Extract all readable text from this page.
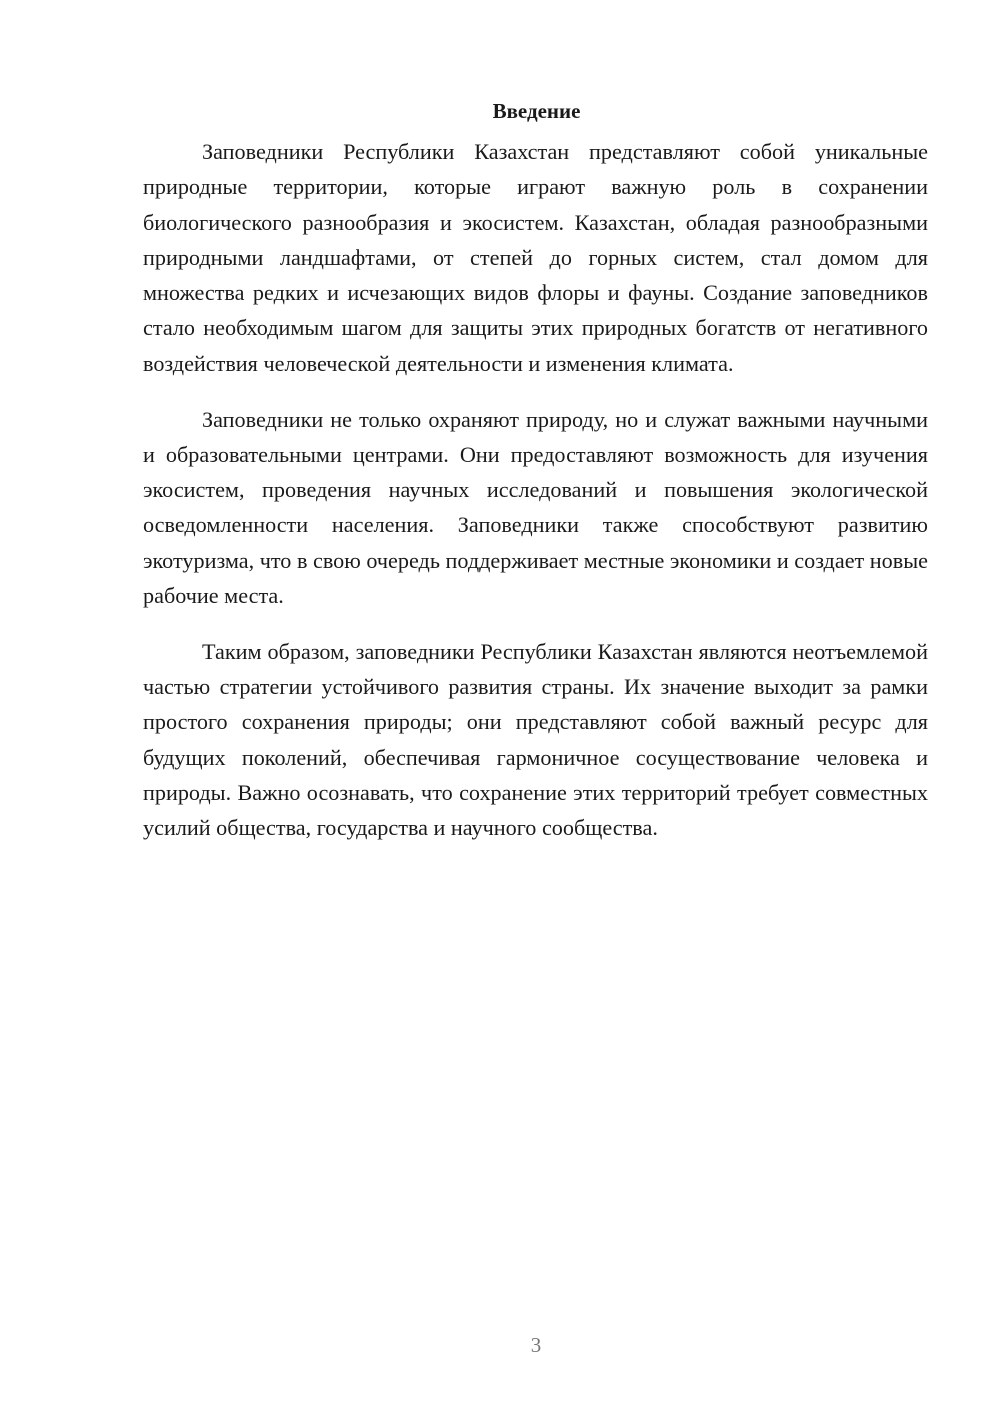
Введение

Заповедники Республики Казахстан представляют собой уникальные природные территории, которые играют важную роль в сохранении биологического разнообразия и экосистем. Казахстан, обладая разнообразными природными ландшафтами, от степей до горных систем, стал домом для множества редких и исчезающих видов флоры и фауны. Создание заповедников стало необходимым шагом для защиты этих природных богатств от негативного воздействия человеческой деятельности и изменения климата.

Заповедники не только охраняют природу, но и служат важными научными и образовательными центрами. Они предоставляют возможность для изучения экосистем, проведения научных исследований и повышения экологической осведомленности населения. Заповедники также способствуют развитию экотуризма, что в свою очередь поддерживает местные экономики и создает новые рабочие места.

Таким образом, заповедники Республики Казахстан являются неотъемлемой частью стратегии устойчивого развития страны. Их значение выходит за рамки простого сохранения природы; они представляют собой важный ресурс для будущих поколений, обеспечивая гармоничное сосуществование человека и природы. Важно осознавать, что сохранение этих территорий требует совместных усилий общества, государства и научного сообщества.

3
